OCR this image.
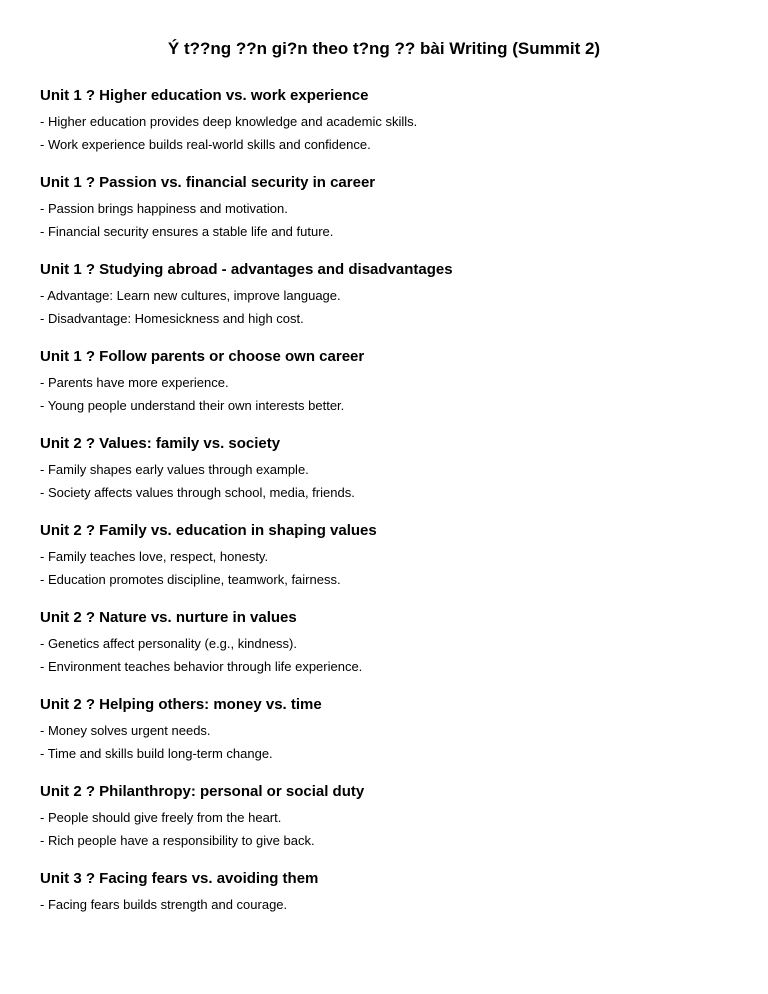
Ý t??ng ??n gi?n theo t?ng ?? bài Writing (Summit 2)
Unit 1 ? Higher education vs. work experience
- Higher education provides deep knowledge and academic skills.
- Work experience builds real-world skills and confidence.
Unit 1 ? Passion vs. financial security in career
- Passion brings happiness and motivation.
- Financial security ensures a stable life and future.
Unit 1 ? Studying abroad - advantages and disadvantages
- Advantage: Learn new cultures, improve language.
- Disadvantage: Homesickness and high cost.
Unit 1 ? Follow parents or choose own career
- Parents have more experience.
- Young people understand their own interests better.
Unit 2 ? Values: family vs. society
- Family shapes early values through example.
- Society affects values through school, media, friends.
Unit 2 ? Family vs. education in shaping values
- Family teaches love, respect, honesty.
- Education promotes discipline, teamwork, fairness.
Unit 2 ? Nature vs. nurture in values
- Genetics affect personality (e.g., kindness).
- Environment teaches behavior through life experience.
Unit 2 ? Helping others: money vs. time
- Money solves urgent needs.
- Time and skills build long-term change.
Unit 2 ? Philanthropy: personal or social duty
- People should give freely from the heart.
- Rich people have a responsibility to give back.
Unit 3 ? Facing fears vs. avoiding them
- Facing fears builds strength and courage.
